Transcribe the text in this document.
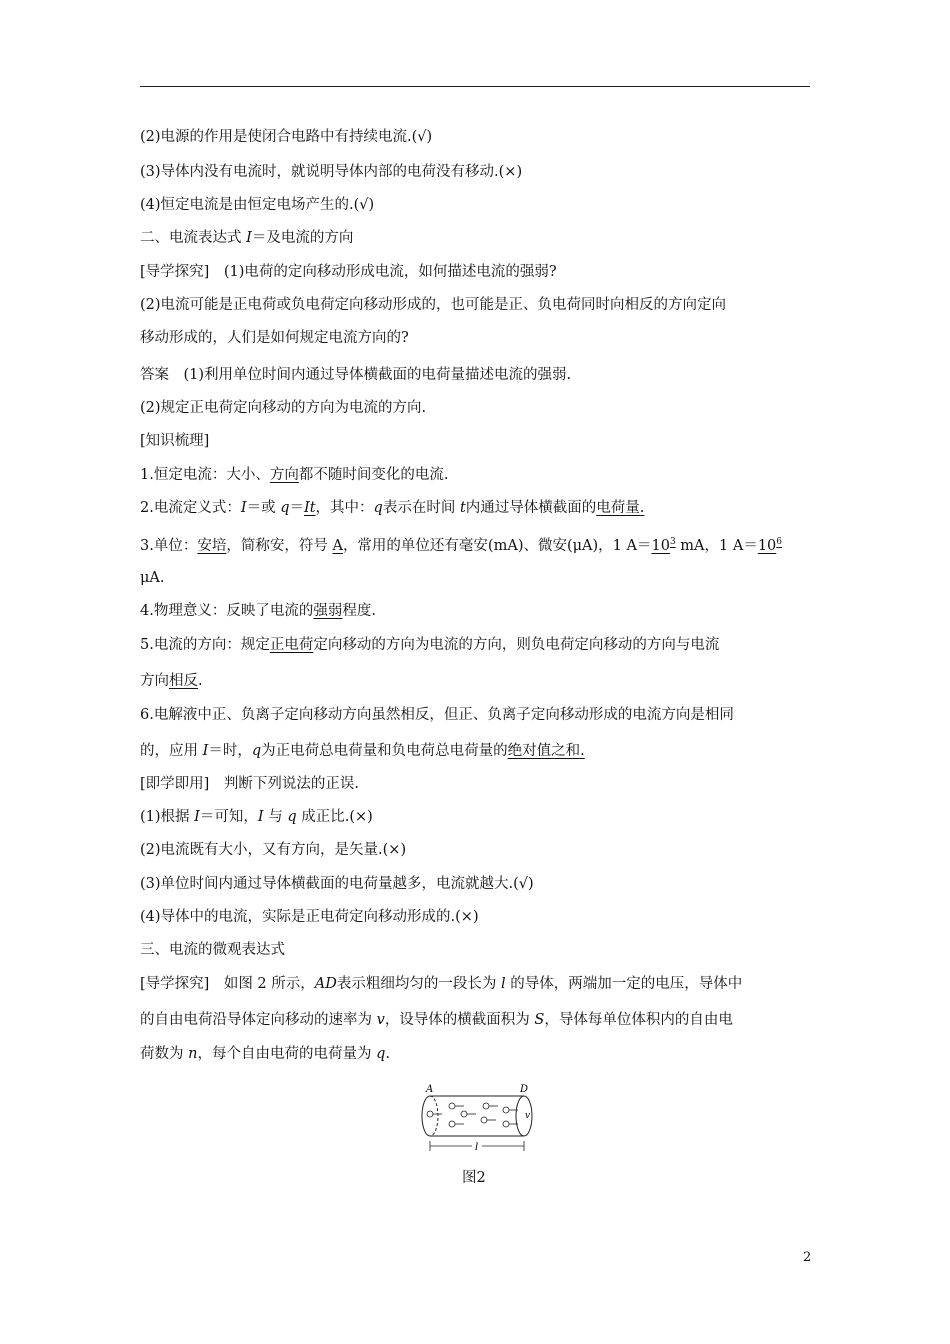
(2)电源的作用是使闭合电路中有持续电流.(√)
(3)导体内没有电流时，就说明导体内部的电荷没有移动.(×)
(4)恒定电流是由恒定电场产生的.(√)
二、电流表达式 I＝及电流的方向
[导学探究]　(1)电荷的定向移动形成电流，如何描述电流的强弱?
(2)电流可能是正电荷或负电荷定向移动形成的，也可能是正、负电荷同时向相反的方向定向
移动形成的，人们是如何规定电流方向的?
答案　(1)利用单位时间内通过导体横截面的电荷量描述电流的强弱.
(2)规定正电荷定向移动的方向为电流的方向.
[知识梳理]
1.恒定电流：大小、方向都不随时间变化的电流.
2.电流定义式：I＝或 q＝It，其中：q表示在时间 t内通过导体横截面的电荷量.
3.单位：安培，简称安，符号 A，常用的单位还有毫安(mA)、微安(μA)，1 $A=10^3$ mA，1 $A=10^6$
μA.
4.物理意义：反映了电流的强弱程度.
5.电流的方向：规定正电荷定向移动的方向为电流的方向，则负电荷定向移动的方向与电流
方向相反.
6.电解液中正、负离子定向移动方向虽然相反，但正、负离子定向移动形成的电流方向是相同
的，应用 I＝时，q为正电荷总电荷量和负电荷总电荷量的绝对值之和.
[即学即用]　判断下列说法的正误.
(1)根据 I＝可知，I 与 q 成正比.(×)
(2)电流既有大小，又有方向，是矢量.(×)
(3)单位时间内通过导体横截面的电荷量越多，电流就越大.(√)
(4)导体中的电流，实际是正电荷定向移动形成的.(×)
三、电流的微观表达式
[导学探究]　如图 2 所示，AD表示粗细均匀的一段长为 l 的导体，两端加一定的电压，导体中
的自由电荷沿导体定向移动的速率为 v，设导体的横截面积为 S，导体每单位体积内的自由电
荷数为 n，每个自由电荷的电荷量为 q.
A	D
v
l
图2
2
